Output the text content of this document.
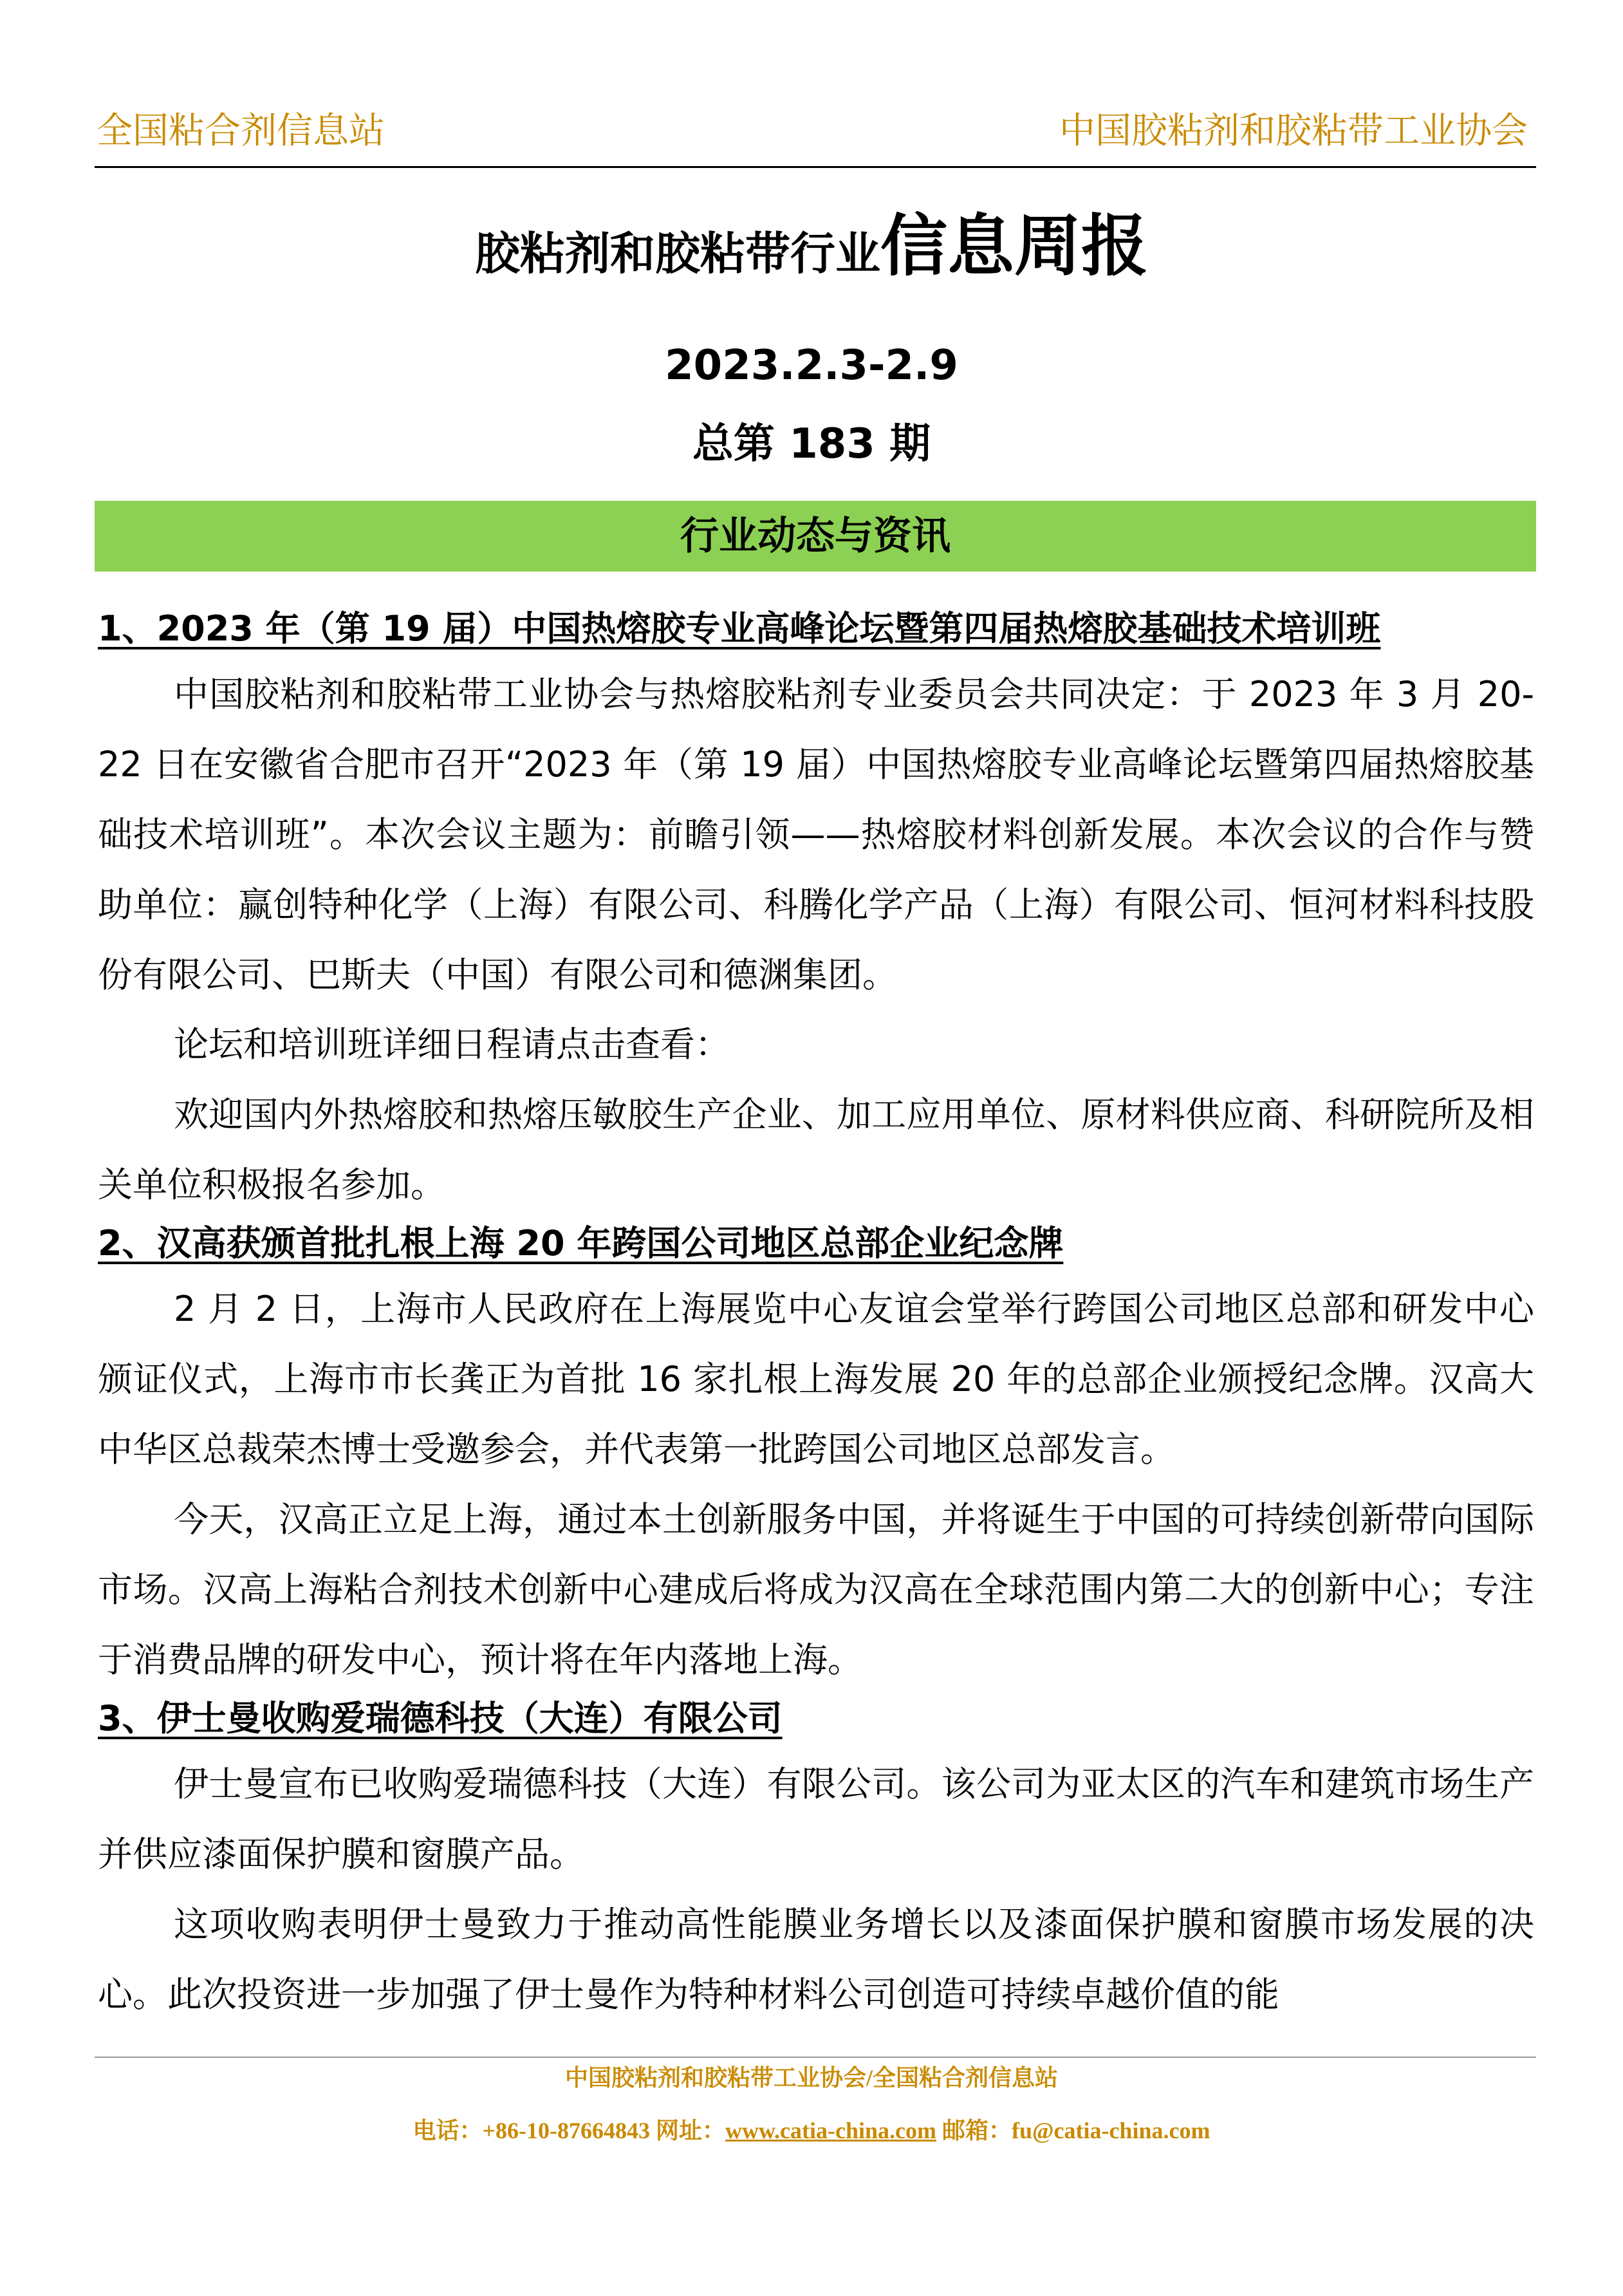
全国粘合剂信息站	中国胶粘剂和胶粘带工业协会
胶粘剂和胶粘带行业信息周报
2023.2.3-2.9
总第 183 期
行业动态与资讯
1、2023 年（第 19 届）中国热熔胶专业高峰论坛暨第四届热熔胶基础技术培训班
中国胶粘剂和胶粘带工业协会与热熔胶粘剂专业委员会共同决定：于 2023 年 3 月 20-22 日在安徽省合肥市召开“2023 年（第 19 届）中国热熔胶专业高峰论坛暨第四届热熔胶基础技术培训班”。本次会议主题为：前瞻引领——热熔胶材料创新发展。本次会议的合作与赞助单位：赢创特种化学（上海）有限公司、科腾化学产品（上海）有限公司、恒河材料科技股份有限公司、巴斯夫（中国）有限公司和德渊集团。
论坛和培训班详细日程请点击查看：
欢迎国内外热熔胶和热熔压敏胶生产企业、加工应用单位、原材料供应商、科研院所及相关单位积极报名参加。
2、汉高获颁首批扎根上海 20 年跨国公司地区总部企业纪念牌
2 月 2 日，上海市人民政府在上海展览中心友谊会堂举行跨国公司地区总部和研发中心颁证仪式，上海市市长龚正为首批 16 家扎根上海发展 20 年的总部企业颁授纪念牌。汉高大中华区总裁荣杰博士受邀参会，并代表第一批跨国公司地区总部发言。
今天，汉高正立足上海，通过本土创新服务中国，并将诞生于中国的可持续创新带向国际市场。汉高上海粘合剂技术创新中心建成后将成为汉高在全球范围内第二大的创新中心；专注于消费品牌的研发中心，预计将在年内落地上海。
3、伊士曼收购爱瑞德科技（大连）有限公司
伊士曼宣布已收购爱瑞德科技（大连）有限公司。该公司为亚太区的汽车和建筑市场生产并供应漆面保护膜和窗膜产品。
这项收购表明伊士曼致力于推动高性能膜业务增长以及漆面保护膜和窗膜市场发展的决心。此次投资进一步加强了伊士曼作为特种材料公司创造可持续卓越价值的能
中国胶粘剂和胶粘带工业协会/全国粘合剂信息站
电话：+86-10-87664843 网址：www.catia-china.com 邮箱：fu@catia-china.com
